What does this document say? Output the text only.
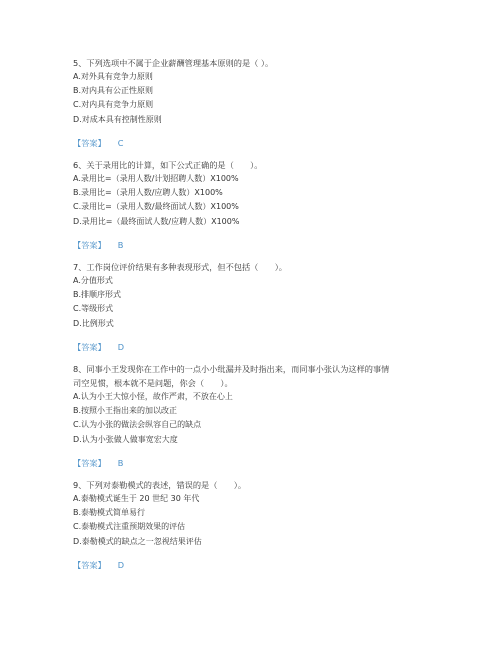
5、下列选项中不属于企业薪酬管理基本原则的是（ ）。

A.对外具有竞争力原则

B.对内具有公正性原则

C.对内具有竞争力原则

D.对成本具有控制性原则

【答案】 C

6、关于录用比的计算，如下公式正确的是（　　）。

A.录用比=（录用人数/计划招聘人数）X100%

B.录用比=（录用人数/应聘人数）X100%

C.录用比=（录用人数/最终面试人数）X100%

D.录用比=（最终面试人数/应聘人数）X100%

【答案】 B

7、工作岗位评价结果有多种表现形式，但不包括（　　）。

A.分值形式

B.排顺序形式

C.等级形式

D.比例形式

【答案】 D

8、同事小王发现你在工作中的一点小小纰漏并及时指出来，而同事小张认为这样的事情

司空见惯，根本就不是问题，你会（　　）。

A.认为小王大惊小怪，故作严肃，不放在心上

B.按照小王指出来的加以改正

C.认为小张的做法会纵容自己的缺点

D.认为小张做人做事宽宏大度

【答案】 B

9、下列对泰勒模式的表述，错误的是（　　）。

A.泰勒模式诞生于 20 世纪 30 年代

B.泰勒模式简单易行

C.泰勒模式注重预期效果的评估

D.泰勒模式的缺点之一忽视结果评估

【答案】 D
